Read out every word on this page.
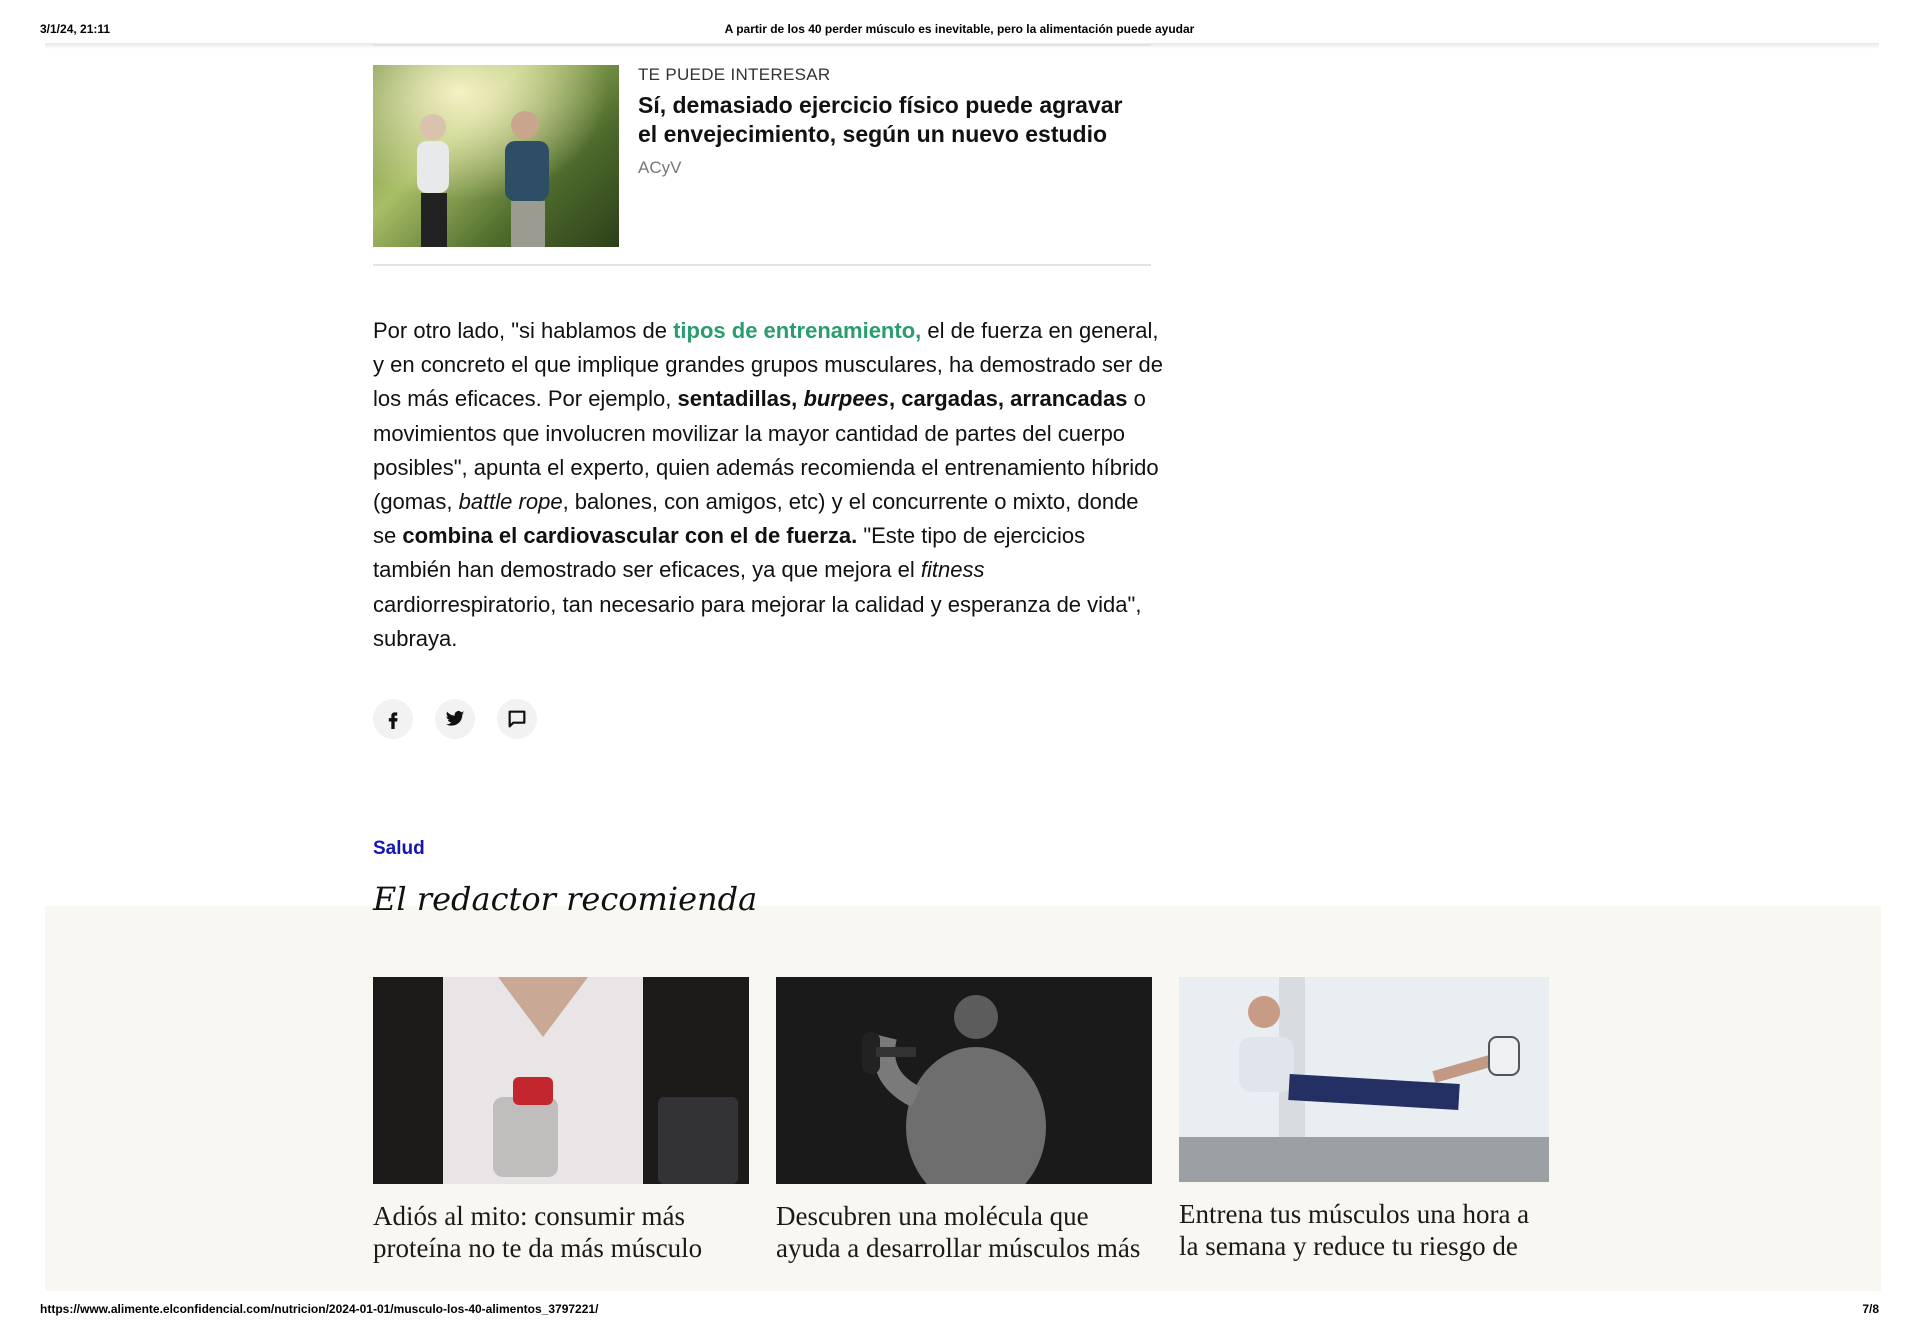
3/1/24, 21:11	A partir de los 40 perder músculo es inevitable, pero la alimentación puede ayudar
TE PUEDE INTERESAR
Sí, demasiado ejercicio físico puede agravar el envejecimiento, según un nuevo estudio
ACyV

Por otro lado, "si hablamos de tipos de entrenamiento, el de fuerza en general, y en concreto el que implique grandes grupos musculares, ha demostrado ser de los más eficaces. Por ejemplo, sentadillas, burpees, cargadas, arrancadas o movimientos que involucren movilizar la mayor cantidad de partes del cuerpo posibles", apunta el experto, quien además recomienda el entrenamiento híbrido (gomas, battle rope, balones, con amigos, etc) y el concurrente o mixto, donde se combina el cardiovascular con el de fuerza. "Este tipo de ejercicios también han demostrado ser eficaces, ya que mejora el fitness cardiorrespiratorio, tan necesario para mejorar la calidad y esperanza de vida", subraya.

Salud
El redactor recomienda
Adiós al mito: consumir más proteína no te da más músculo
Descubren una molécula que ayuda a desarrollar músculos más
Entrena tus músculos una hora a la semana y reduce tu riesgo de
https://www.alimente.elconfidencial.com/nutricion/2024-01-01/musculo-los-40-alimentos_3797221/	7/8
